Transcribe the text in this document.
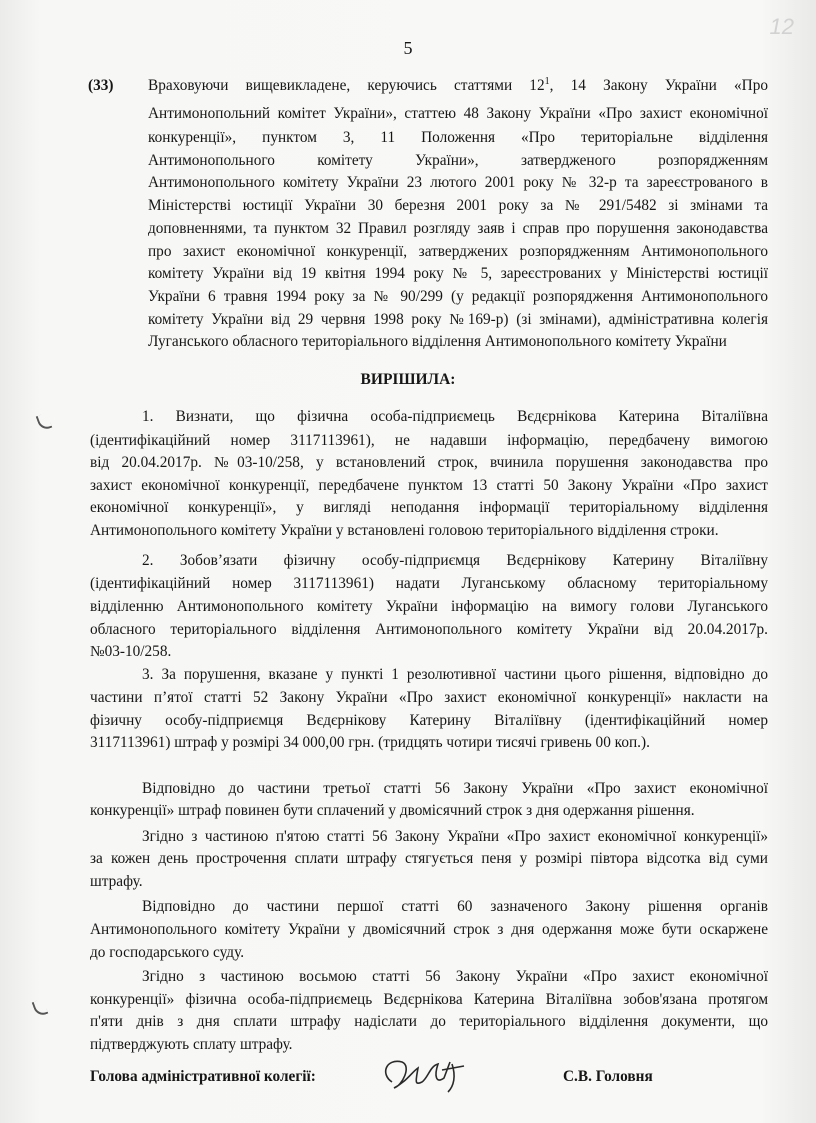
12
5
(33) Враховуючи вищевикладене, керуючись статтями $12^1$, 14 Закону України «Про
Антимонопольний комітет України», статтею 48 Закону України «Про захист економічної
конкуренції», пунктом 3, 11 Положення «Про територіальне відділення
Антимонопольного комітету України», затвердженого розпорядженням
Антимонопольного комітету України 23 лютого 2001 року № 32-р та зареєстрованого в
Міністерстві юстиції України 30 березня 2001 року за № 291/5482 зі змінами та
доповненнями, та пунктом 32 Правил розгляду заяв і справ про порушення законодавства
про захист економічної конкуренції, затверджених розпорядженням Антимонопольного
комітету України від 19 квітня 1994 року № 5, зареєстрованих у Міністерстві юстиції
України 6 травня 1994 року за № 90/299 (у редакції розпорядження Антимонопольного
комітету України від 29 червня 1998 року №169-р) (зі змінами), адміністративна колегія
Луганського обласного територіального відділення Антимонопольного комітету України
ВИРІШИЛА:
1. Визнати, що фізична особа-підприємець Вєдєрнікова Катерина Віталіївна
(ідентифікаційний номер 3117113961), не надавши інформацію, передбачену вимогою
від 20.04.2017р. №03-10/258, у встановлений строк, вчинила порушення законодавства про
захист економічної конкуренції, передбачене пунктом 13 статті 50 Закону України «Про захист
економічної конкуренції», у вигляді неподання інформації територіальному відділення
Антимонопольного комітету України у встановлені головою територіального відділення строки.
2. Зобов’язати фізичну особу-підприємця Вєдєрнікову Катерину Віталіївну
(ідентифікаційний номер 3117113961) надати Луганському обласному територіальному
відділенню Антимонопольного комітету України інформацію на вимогу голови Луганського
обласного територіального відділення Антимонопольного комітету України від 20.04.2017р.
№03-10/258.
3. За порушення, вказане у пункті 1 резолютивної частини цього рішення, відповідно до
частини п’ятої статті 52 Закону України «Про захист економічної конкуренції» накласти на
фізичну особу-підприємця Вєдєрнікову Катерину Віталіївну (ідентифікаційний номер
3117113961) штраф у розмірі 34 000,00 грн. (тридцять чотири тисячі гривень 00 коп.).
Відповідно до частини третьої статті 56 Закону України «Про захист економічної
конкуренції» штраф повинен бути сплачений у двомісячний строк з дня одержання рішення.
Згідно з частиною п'ятою статті 56 Закону України «Про захист економічної конкуренції»
за кожен день прострочення сплати штрафу стягується пеня у розмірі півтора відсотка від суми
штрафу.
Відповідно до частини першої статті 60 зазначеного Закону рішення органів
Антимонопольного комітету України у двомісячний строк з дня одержання може бути оскаржене
до господарського суду.
Згідно з частиною восьмою статті 56 Закону України «Про захист економічної
конкуренції» фізична особа-підприємець Вєдєрнікова Катерина Віталіївна зобов'язана протягом
п'яти днів з дня сплати штрафу надіслати до територіального відділення документи, що
підтверджують сплату штрафу.
Голова адміністративної колегії:	С.В. Головня
